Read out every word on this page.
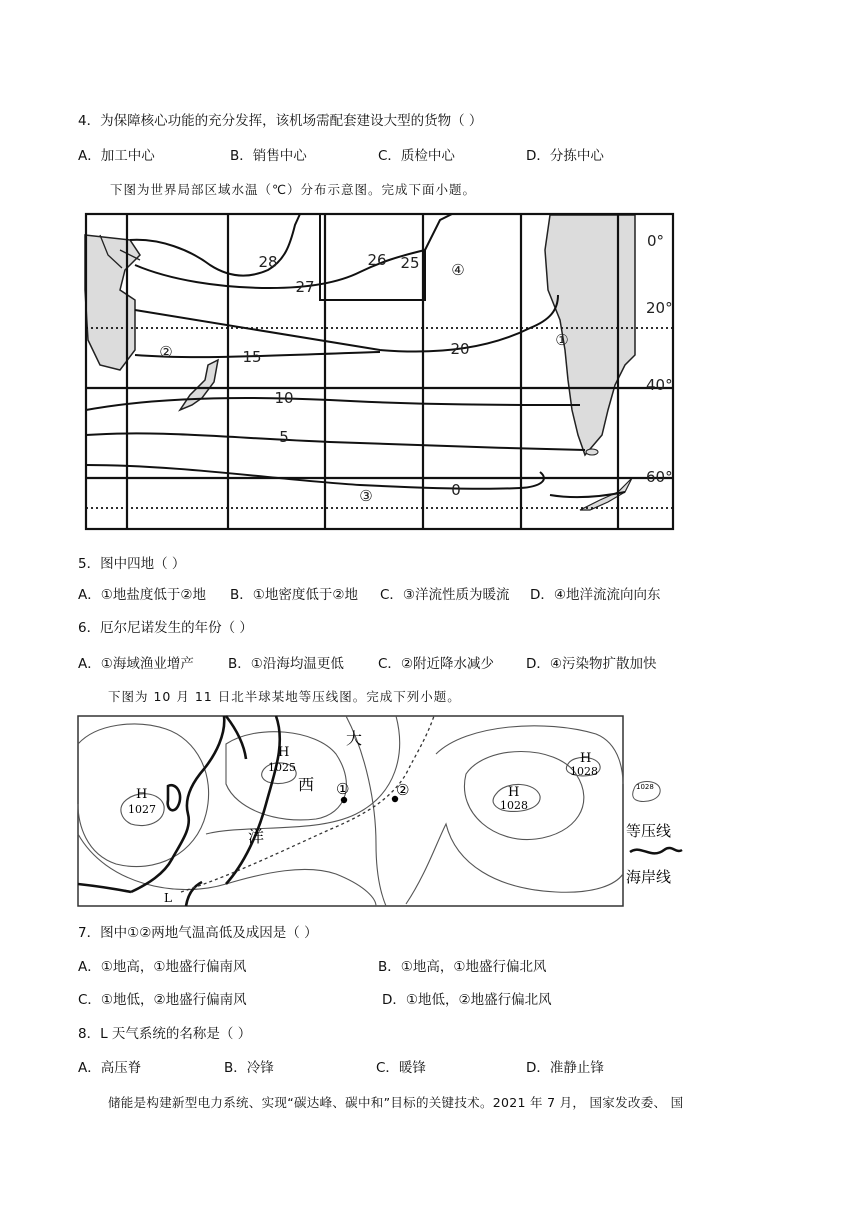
4．为保障核心功能的充分发挥，该机场需配套建设大型的货物（ ）
A．加工中心	B．销售中心	C．质检中心	D．分拣中心
下图为世界局部区域水温（℃）分布示意图。完成下面小题。
28
27
26 25
20
15
10
5
0
①
②
③
④
0°
20°
40°
60°
5．图中四地（ ）
A．①地盐度低于②地 B．①地密度低于②地 C．③洋流性质为暖流 D．④地洋流流向向东
6．厄尔尼诺发生的年份（ ）
A．①海域渔业增产	B．①沿海均温更低	C．②附近降水减少 D．④污染物扩散加快
下图为 10 月 11 日北半球某地等压线图。完成下列小题。
大
西
洋
①	②
H
1027
H
1025
H
1028
H
1028
L
1028
等压线
海岸线
7．图中①②两地气温高低及成因是（ ）
A．①地高，①地盛行偏南风	B．①地高，①地盛行偏北风
C．①地低，②地盛行偏南风	D．①地低，②地盛行偏北风
8．L 天气系统的名称是（ ）
A．高压脊	B．冷锋	C．暖锋	D．准静止锋
储能是构建新型电力系统、实现“碳达峰、碳中和”目标的关键技术。2021 年 7 月， 国家发改委、 国
